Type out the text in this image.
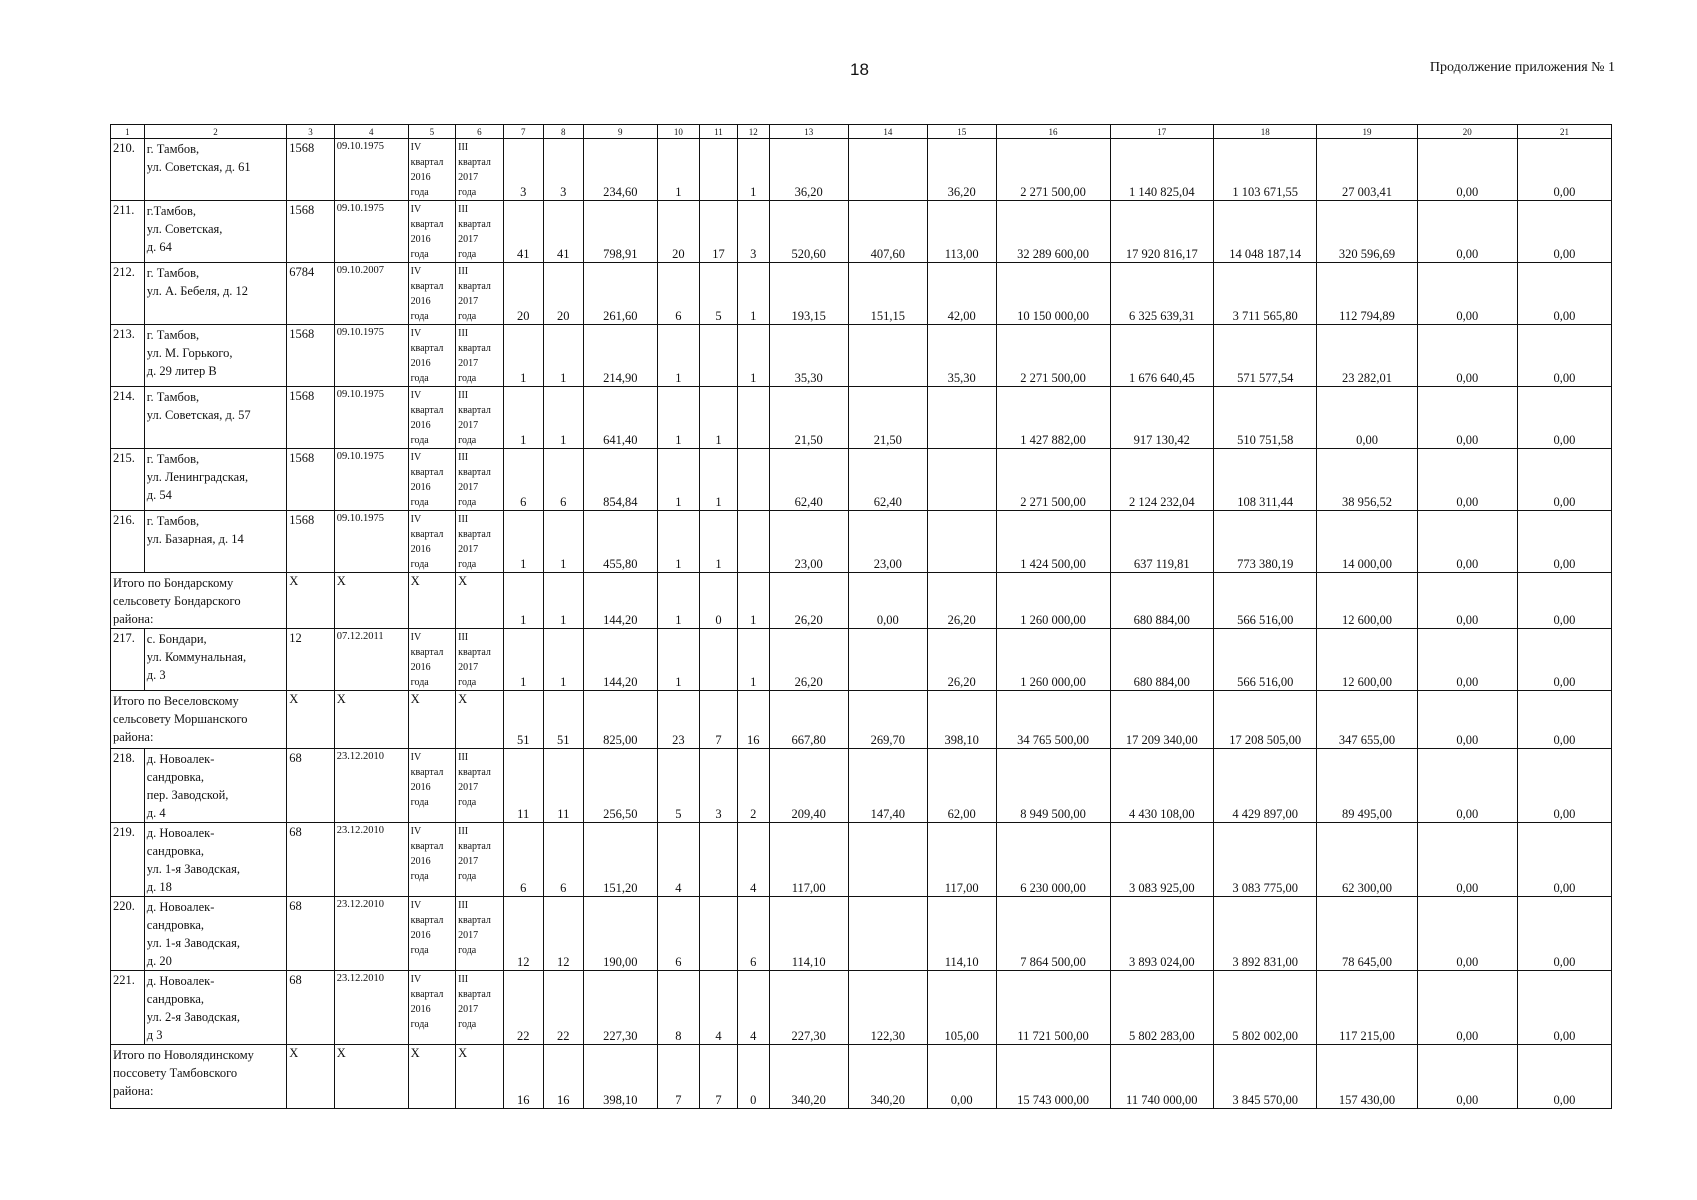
18	Продолжение приложения № 1
1	2	3	4	5	6	7	8	9	10	11	12	13	14	15	16	17	18	19	20	21
210.	г. Тамбов,
ул. Советская, д. 61	1568	09.10.1975	IV
квартал
2016
года	III
квартал
2017
года	3	3	234,60	1		1	36,20		36,20	2 271 500,00	1 140 825,04	1 103 671,55	27 003,41	0,00	0,00
211.	г.Тамбов,
ул. Советская,
д. 64	1568	09.10.1975	IV
квартал
2016
года	III
квартал
2017
года	41	41	798,91	20	17	3	520,60	407,60	113,00	32 289 600,00	17 920 816,17	14 048 187,14	320 596,69	0,00	0,00
212.	г. Тамбов,
ул. А. Бебеля, д. 12	6784	09.10.2007	IV
квартал
2016
года	III
квартал
2017
года	20	20	261,60	6	5	1	193,15	151,15	42,00	10 150 000,00	6 325 639,31	3 711 565,80	112 794,89	0,00	0,00
213.	г. Тамбов,
ул. М. Горького,
д. 29 литер В	1568	09.10.1975	IV
квартал
2016
года	III
квартал
2017
года	1	1	214,90	1		1	35,30		35,30	2 271 500,00	1 676 640,45	571 577,54	23 282,01	0,00	0,00
214.	г. Тамбов,
ул. Советская, д. 57	1568	09.10.1975	IV
квартал
2016
года	III
квартал
2017
года	1	1	641,40	1	1		21,50	21,50		1 427 882,00	917 130,42	510 751,58	0,00	0,00	0,00
215.	г. Тамбов,
ул. Ленинградская,
д. 54	1568	09.10.1975	IV
квартал
2016
года	III
квартал
2017
года	6	6	854,84	1	1		62,40	62,40		2 271 500,00	2 124 232,04	108 311,44	38 956,52	0,00	0,00
216.	г. Тамбов,
ул. Базарная, д. 14	1568	09.10.1975	IV
квартал
2016
года	III
квартал
2017
года	1	1	455,80	1	1		23,00	23,00		1 424 500,00	637 119,81	773 380,19	14 000,00	0,00	0,00
Итого по Бондарскому
сельсовету Бондарского
района:		X	X	X	X	1	1	144,20	1	0	1	26,20	0,00	26,20	1 260 000,00	680 884,00	566 516,00	12 600,00	0,00	0,00
217.	с. Бондари,
ул. Коммунальная,
д. 3	12	07.12.2011	IV
квартал
2016
года	III
квартал
2017
года	1	1	144,20	1		1	26,20		26,20	1 260 000,00	680 884,00	566 516,00	12 600,00	0,00	0,00
Итого по Веселовскому
сельсовету Моршанского
района:		X	X	X	X	51	51	825,00	23	7	16	667,80	269,70	398,10	34 765 500,00	17 209 340,00	17 208 505,00	347 655,00	0,00	0,00
218.	д. Новоалек-
сандровка,
пер. Заводской,
д. 4	68	23.12.2010	IV
квартал
2016
года	III
квартал
2017
года	11	11	256,50	5	3	2	209,40	147,40	62,00	8 949 500,00	4 430 108,00	4 429 897,00	89 495,00	0,00	0,00
219.	д. Новоалек-
сандровка,
ул. 1-я Заводская,
д. 18	68	23.12.2010	IV
квартал
2016
года	III
квартал
2017
года	6	6	151,20	4		4	117,00		117,00	6 230 000,00	3 083 925,00	3 083 775,00	62 300,00	0,00	0,00
220.	д. Новоалек-
сандровка,
ул. 1-я Заводская,
д. 20	68	23.12.2010	IV
квартал
2016
года	III
квартал
2017
года	12	12	190,00	6		6	114,10		114,10	7 864 500,00	3 893 024,00	3 892 831,00	78 645,00	0,00	0,00
221.	д. Новоалек-
сандровка,
ул. 2-я Заводская,
д 3	68	23.12.2010	IV
квартал
2016
года	III
квартал
2017
года	22	22	227,30	8	4	4	227,30	122,30	105,00	11 721 500,00	5 802 283,00	5 802 002,00	117 215,00	0,00	0,00
Итого по Новолядинскому
поссовету Тамбовского
района:		X	X	X	X	16	16	398,10	7	7	0	340,20	340,20	0,00	15 743 000,00	11 740 000,00	3 845 570,00	157 430,00	0,00	0,00
